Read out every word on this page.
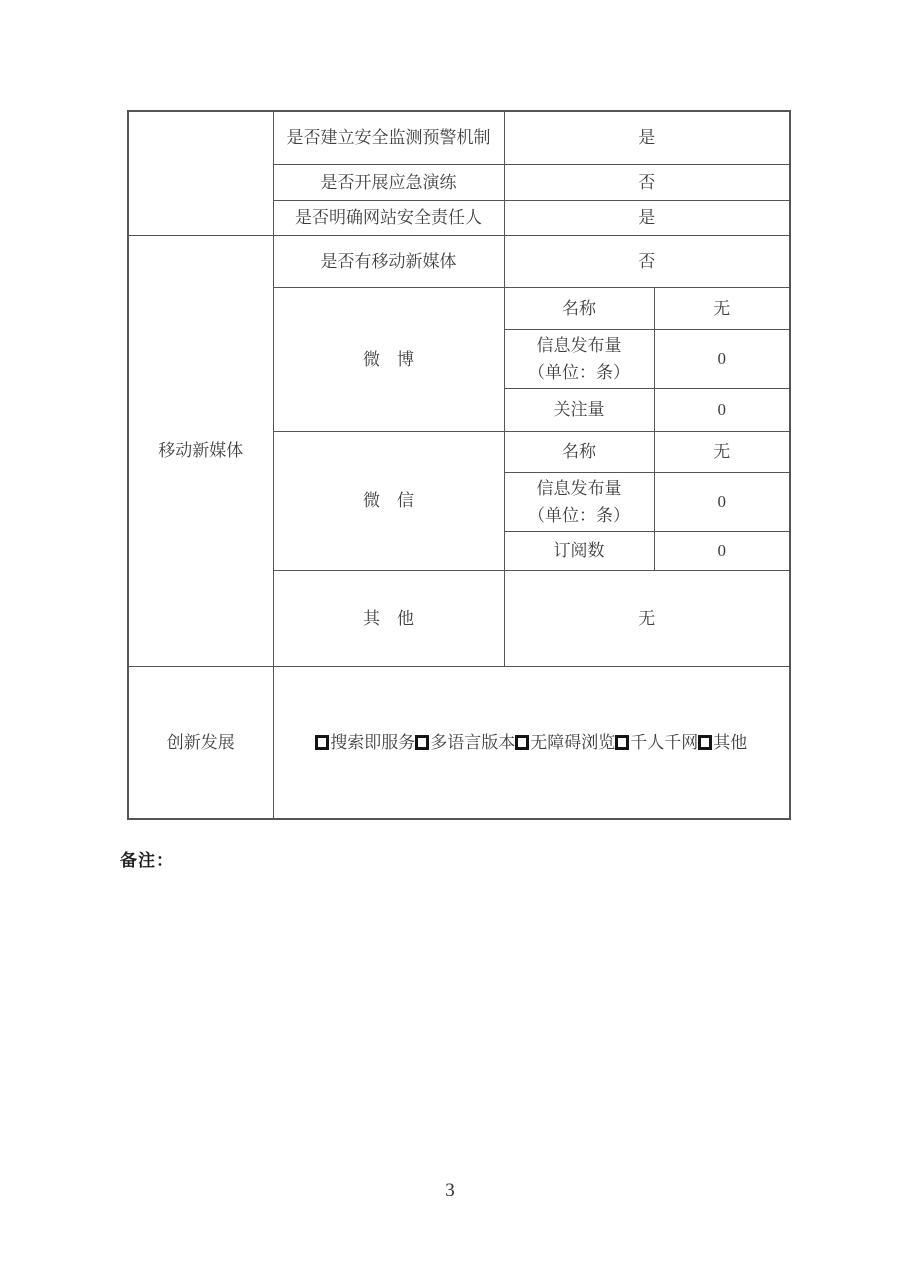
	是否建立安全监测预警机制	是	
	是否开展应急演练	否	
	是否明确网站安全责任人	是	
移动新媒体	是否有移动新媒体	否	
	微　博	名称	无

		信息发布量
（单位：条）	0
		关注量	0
	微　信	名称	无

		信息发布量
（单位：条）	0
		订阅数	0
	其　他	无	
创新发展	搜索即服务 多语言版本 无障碍浏览 千人千网 其他		
备注：
3
